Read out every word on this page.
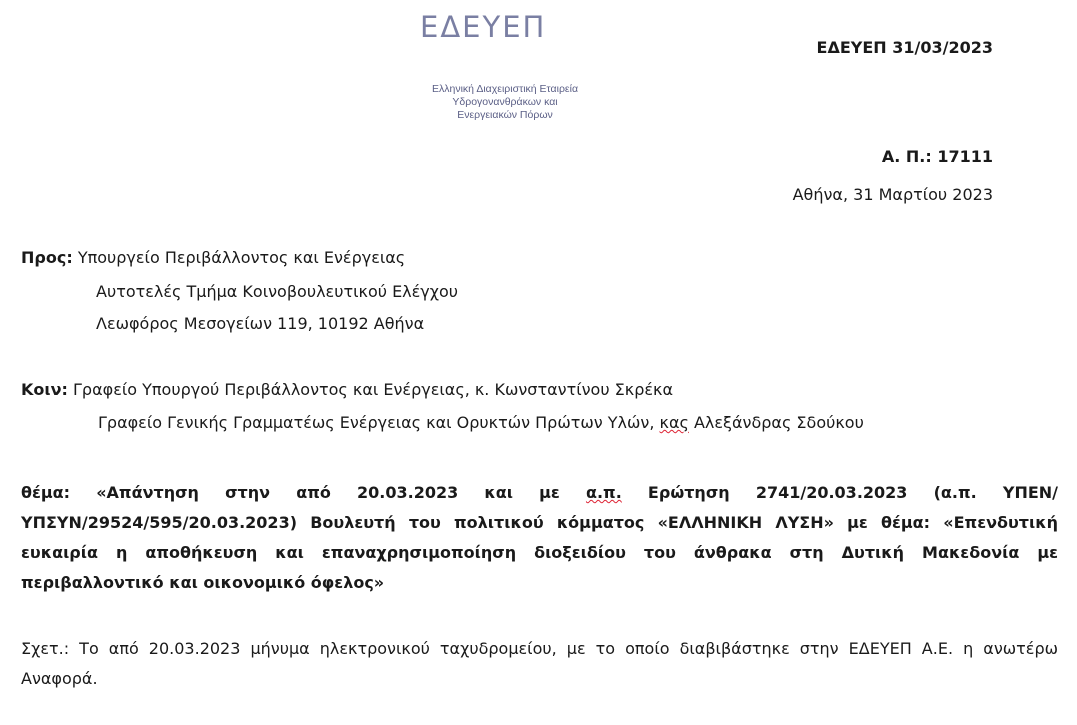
ΕΔΕΥΕΠ
Ελληνική Διαχειριστική Εταιρεία
Υδρογονανθράκων και
Ενεργειακών Πόρων
ΕΔΕΥΕΠ 31/03/2023
Α. Π.: 17111
Αθήνα, 31 Μαρτίου 2023
Προς: Υπουργείο Περιβάλλοντος και Ενέργειας
Αυτοτελές Τμήμα Κοινοβουλευτικού Ελέγχου
Λεωφόρος Μεσογείων 119, 10192 Αθήνα
Κοιν: Γραφείο Υπουργού Περιβάλλοντος και Ενέργειας, κ. Κωνσταντίνου Σκρέκα
Γραφείο Γενικής Γραμματέως Ενέργειας και Ορυκτών Πρώτων Υλών, κας Αλεξάνδρας Σδούκου
θέμα: «Απάντηση στην από 20.03.2023 και με α.π. Ερώτηση 2741/20.03.2023 (α.π. ΥΠΕΝ/ΥΠΣΥΝ/29524/595/20.03.2023) Βουλευτή του πολιτικού κόμματος «ΕΛΛΗΝΙΚΗ ΛΥΣΗ» με θέμα: «Επενδυτική ευκαιρία η αποθήκευση και επαναχρησιμοποίηση διοξειδίου του άνθρακα στη Δυτική Μακεδονία με περιβαλλοντικό και οικονομικό όφελος»
Σχετ.: Το από 20.03.2023 μήνυμα ηλεκτρονικού ταχυδρομείου, με το οποίο διαβιβάστηκε στην ΕΔΕΥΕΠ Α.Ε. η ανωτέρω Αναφορά.
